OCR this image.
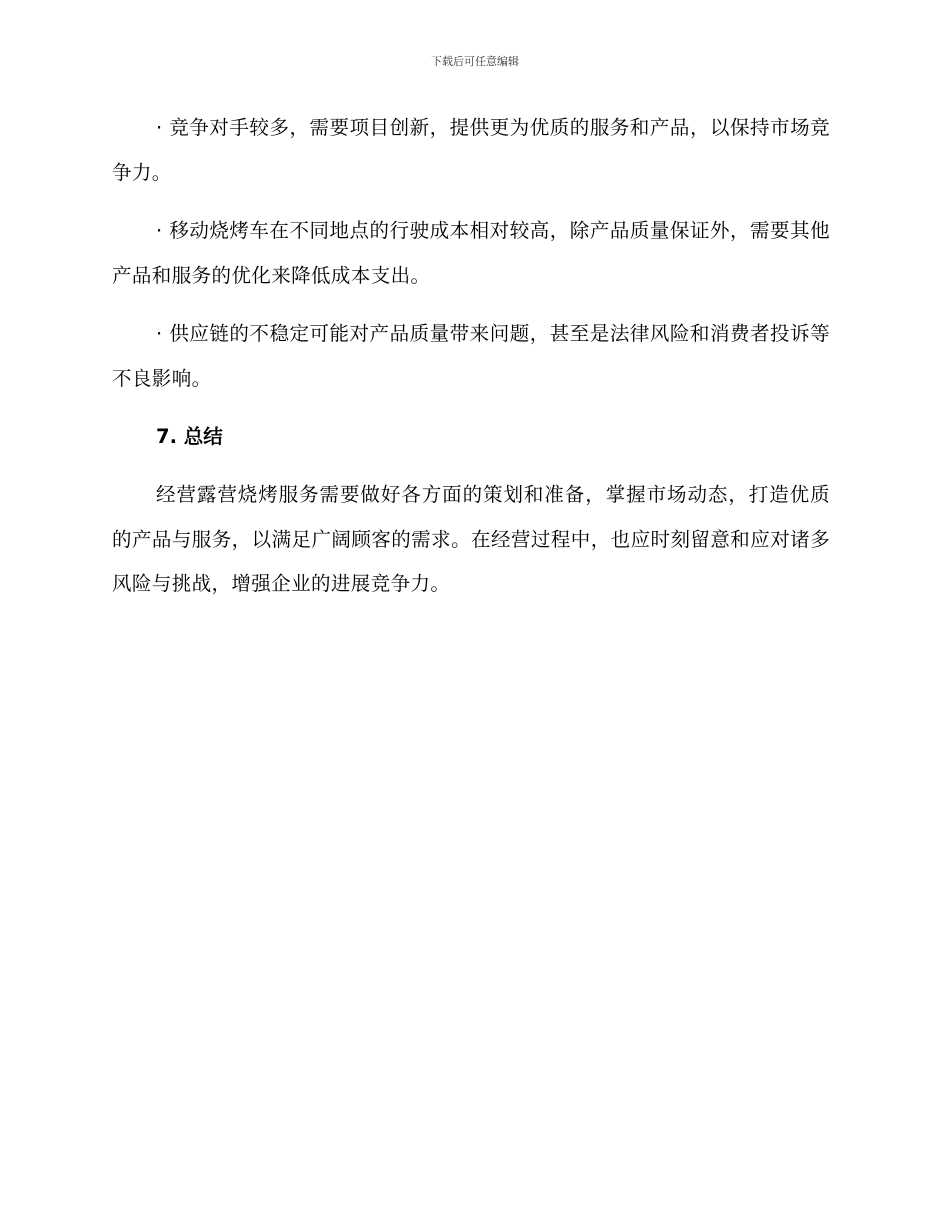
下载后可任意编辑

· 竞争对手较多，需要项目创新，提供更为优质的服务和产品，以保持市场竞争力。

· 移动烧烤车在不同地点的行驶成本相对较高，除产品质量保证外，需要其他产品和服务的优化来降低成本支出。

· 供应链的不稳定可能对产品质量带来问题，甚至是法律风险和消费者投诉等不良影响。

7. 总结

经营露营烧烤服务需要做好各方面的策划和准备，掌握市场动态，打造优质的产品与服务，以满足广阔顾客的需求。在经营过程中，也应时刻留意和应对诸多风险与挑战，增强企业的进展竞争力。
